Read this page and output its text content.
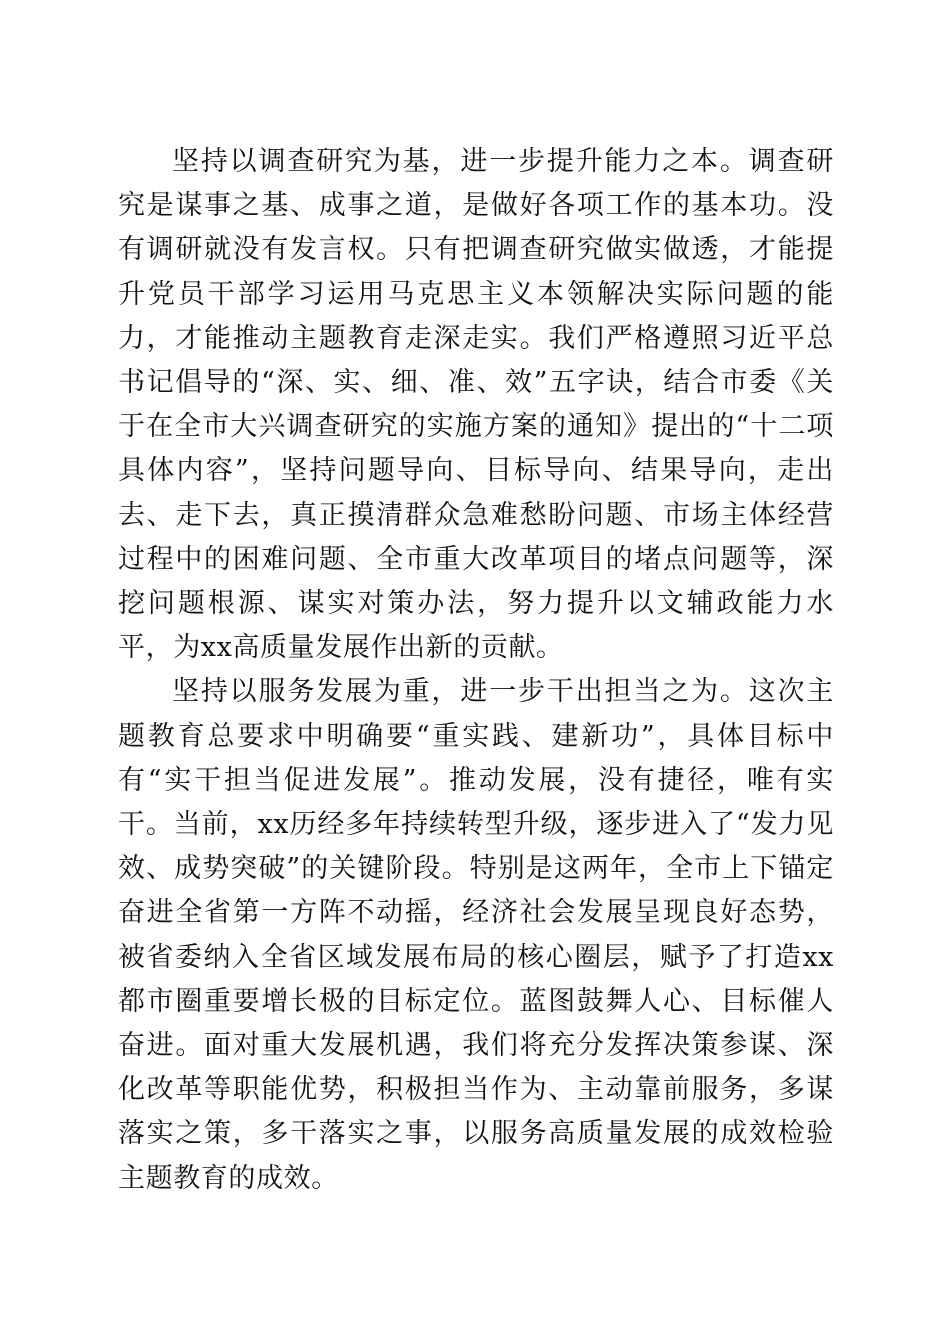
坚持以调查研究为基，进一步提升能力之本。调查研究是谋事之基、成事之道，是做好各项工作的基本功。没有调研就没有发言权。只有把调查研究做实做透，才能提升党员干部学习运用马克思主义本领解决实际问题的能力，才能推动主题教育走深走实。我们严格遵照习近平总书记倡导的“深、实、细、准、效”五字诀，结合市委《关于在全市大兴调查研究的实施方案的通知》提出的“十二项具体内容”，坚持问题导向、目标导向、结果导向，走出去、走下去，真正摸清群众急难愁盼问题、市场主体经营过程中的困难问题、全市重大改革项目的堵点问题等，深挖问题根源、谋实对策办法，努力提升以文辅政能力水平，为xx高质量发展作出新的贡献。

坚持以服务发展为重，进一步干出担当之为。这次主题教育总要求中明确要“重实践、建新功”，具体目标中有“实干担当促进发展”。推动发展，没有捷径，唯有实干。当前，xx历经多年持续转型升级，逐步进入了“发力见效、成势突破”的关键阶段。特别是这两年，全市上下锚定奋进全省第一方阵不动摇，经济社会发展呈现良好态势，被省委纳入全省区域发展布局的核心圈层，赋予了打造xx都市圈重要增长极的目标定位。蓝图鼓舞人心、目标催人奋进。面对重大发展机遇，我们将充分发挥决策参谋、深化改革等职能优势，积极担当作为、主动靠前服务，多谋落实之策，多干落实之事，以服务高质量发展的成效检验主题教育的成效。
